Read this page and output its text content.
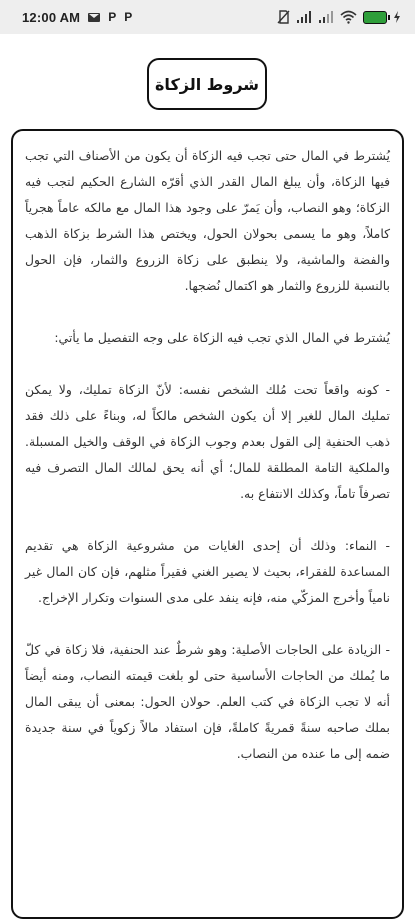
12:00 AM P P
شروط الزكاة

يُشترط في المال حتى تجب فيه الزكاة أن يكون من الأصناف التي تجب فيها الزكاة، وأن يبلغ المال القدر الذي أقرّه الشارع الحكيم لتجب فيه الزكاة؛ وهو النصاب، وأن يَمرّ على وجود هذا المال مع مالكه عاماً هجرياً كاملاً، وهو ما يسمى بحولان الحول، ويختص هذا الشرط بزكاة الذهب والفضة والماشية، ولا ينطبق على زكاة الزروع والثمار، فإن الحول بالنسبة للزروع والثمار هو اكتمال نُضجها.

يُشترط في المال الذي تجب فيه الزكاة على وجه التفصيل ما يأتي:

- كونه واقعاً تحت مُلك الشخص نفسه: لأنّ الزكاة تمليك، ولا يمكن تمليك المال للغير إلا أن يكون الشخص مالكاً له، وبناءً على ذلك فقد ذهب الحنفية إلى القول بعدم وجوب الزكاة في الوقف والخيل المسبلة. والملكية التامة المطلقة للمال؛ أي أنه يحق لمالك المال التصرف فيه تصرفاً تاماً، وكذلك الانتفاع به.

- النماء: وذلك أن إحدى الغايات من مشروعية الزكاة هي تقديم المساعدة للفقراء، بحيث لا يصير الغني فقيراً مثلهم، فإن كان المال غير نامياً وأخرج المزكّي منه، فإنه ينفد على مدى السنوات وتكرار الإخراج.

- الزيادة على الحاجات الأصلية: وهو شرطٌ عند الحنفية، فلا زكاة في كلّ ما يُملك من الحاجات الأساسية حتى لو بلغت قيمته النصاب، ومنه أيضاً أنه لا تجب الزكاة في كتب العلم. حولان الحول: بمعنى أن يبقى المال بملك صاحبه سنةً قمريةً كاملةً، فإن استفاد مالاً زكوياً في سنة جديدة ضمه إلى ما عنده من النصاب.
